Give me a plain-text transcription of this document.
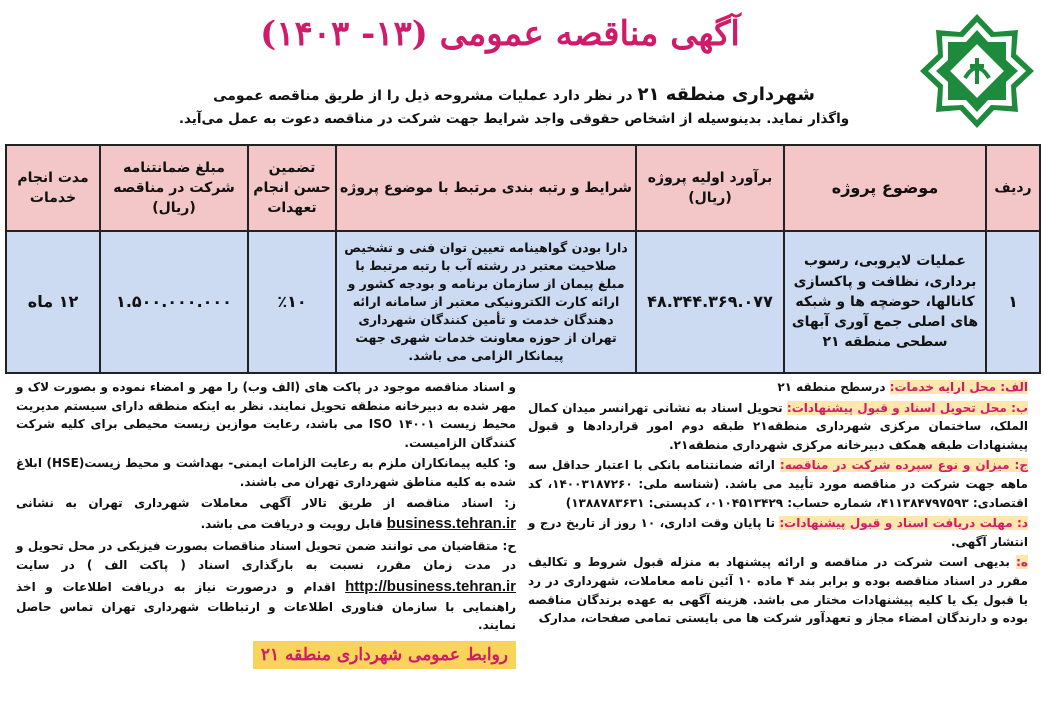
آگهی مناقصه عمومی (۱۳- ۱۴۰۳)
شهرداری منطقه ۲۱ در نظر دارد عملیات مشروحه ذیل را از طریق مناقصه عمومی
واگذار نماید. بدینوسیله از اشخاص حقوقی واجد شرایط جهت شرکت در مناقصه دعوت به عمل می‌آید.
ردیف	موضوع پروژه	برآورد اولیه پروژه (ریال)	شرایط و رتبه بندی مرتبط با موضوع پروژه	تضمین حسن انجام تعهدات	مبلغ ضمانتنامه شرکت در مناقصه (ریال)	مدت انجام خدمات
۱	عملیات لایروبی، رسوب برداری، نظافت و پاکسازی کانالها، حوضچه ها و شبکه های اصلی جمع آوری آبهای سطحی منطقه ۲۱	۴۸.۳۴۴.۳۶۹.۰۷۷	دارا بودن گواهینامه تعیین توان فنی و تشخیص صلاحیت معتبر در رشته آب با رتبه مرتبط با مبلغ پیمان از سازمان برنامه و بودجه کشور و ارائه کارت الکترونیکی معتبر از سامانه ارائه دهندگان خدمت و تأمین کنندگان شهرداری تهران از حوزه معاونت خدمات شهری جهت پیمانکار الزامی می باشد.	٪۱۰	۱.۵۰۰.۰۰۰.۰۰۰	۱۲ ماه

الف: محل ارایه خدمات: درسطح منطقه ۲۱

ب: محل تحویل اسناد و قبول پیشنهادات: تحویل اسناد به نشانی تهرانسر میدان کمال الملک، ساختمان مرکزی شهرداری منطقه۲۱ طبقه دوم امور قراردادها و قبول پیشنهادات طبقه همکف دبیرخانه مرکزی شهرداری منطقه۲۱.

ج: میزان و نوع سپرده شرکت در مناقصه: ارائه ضمانتنامه بانکی با اعتبار حداقل سه ماهه جهت شرکت در مناقصه مورد تأیید می باشد. (شناسه ملی: ۱۴۰۰۳۱۸۷۲۶۰، کد اقتصادی: ۴۱۱۳۸۴۷۹۷۵۹۳، شماره حساب: ۰۱۰۴۵۱۳۴۲۹، کدپستی: ۱۳۸۸۷۸۳۶۳۱)

د: مهلت دریافت اسناد و قبول پیشنهادات: تا پایان وقت اداری، ۱۰ روز از تاریخ درج و انتشار آگهی.

ه: بدیهی است شرکت در مناقصه و ارائه پیشنهاد به منزله قبول شروط و تکالیف مقرر در اسناد مناقصه بوده و برابر بند ۴ ماده ۱۰ آئین نامه معاملات، شهرداری در رد یا قبول یک یا کلیه پیشنهادات مختار می باشد. هزینه آگهی به عهده برندگان مناقصه بوده و دارندگان امضاء مجاز و تعهدآور شرکت ها می بایستی تمامی صفحات، مدارک

و اسناد مناقصه موجود در پاکت های (الف وب) را مهر و امضاء نموده و بصورت لاک و مهر شده به دبیرخانه منطقه تحویل نمایند. نظر به اینکه منطقه دارای سیستم مدیریت محیط زیست ISO ۱۴۰۰۱ می باشد، رعایت موازین زیست محیطی برای کلیه شرکت کنندگان الزامیست.

و: کلیه پیمانکاران ملزم به رعایت الزامات ایمنی- بهداشت و محیط زیست(HSE) ابلاغ شده به کلیه مناطق شهرداری تهران می باشند.

ز: اسناد مناقصه از طریق تالار آگهی معاملات شهرداری تهران به نشانی business.tehran.ir قابل رویت و دریافت می باشد.

ح: متقاضیان می توانند ضمن تحویل اسناد مناقصات بصورت فیزیکی در محل تحویل و در مدت زمان مقرر، نسبت به بارگذاری اسناد ( پاکت الف ) در سایت http://business.tehran.ir اقدام و درصورت نیاز به دریافت اطلاعات و اخذ راهنمایی با سازمان فناوری اطلاعات و ارتباطات شهرداری تهران تماس حاصل نمایند.

روابط عمومی شهرداری منطقه ۲۱
